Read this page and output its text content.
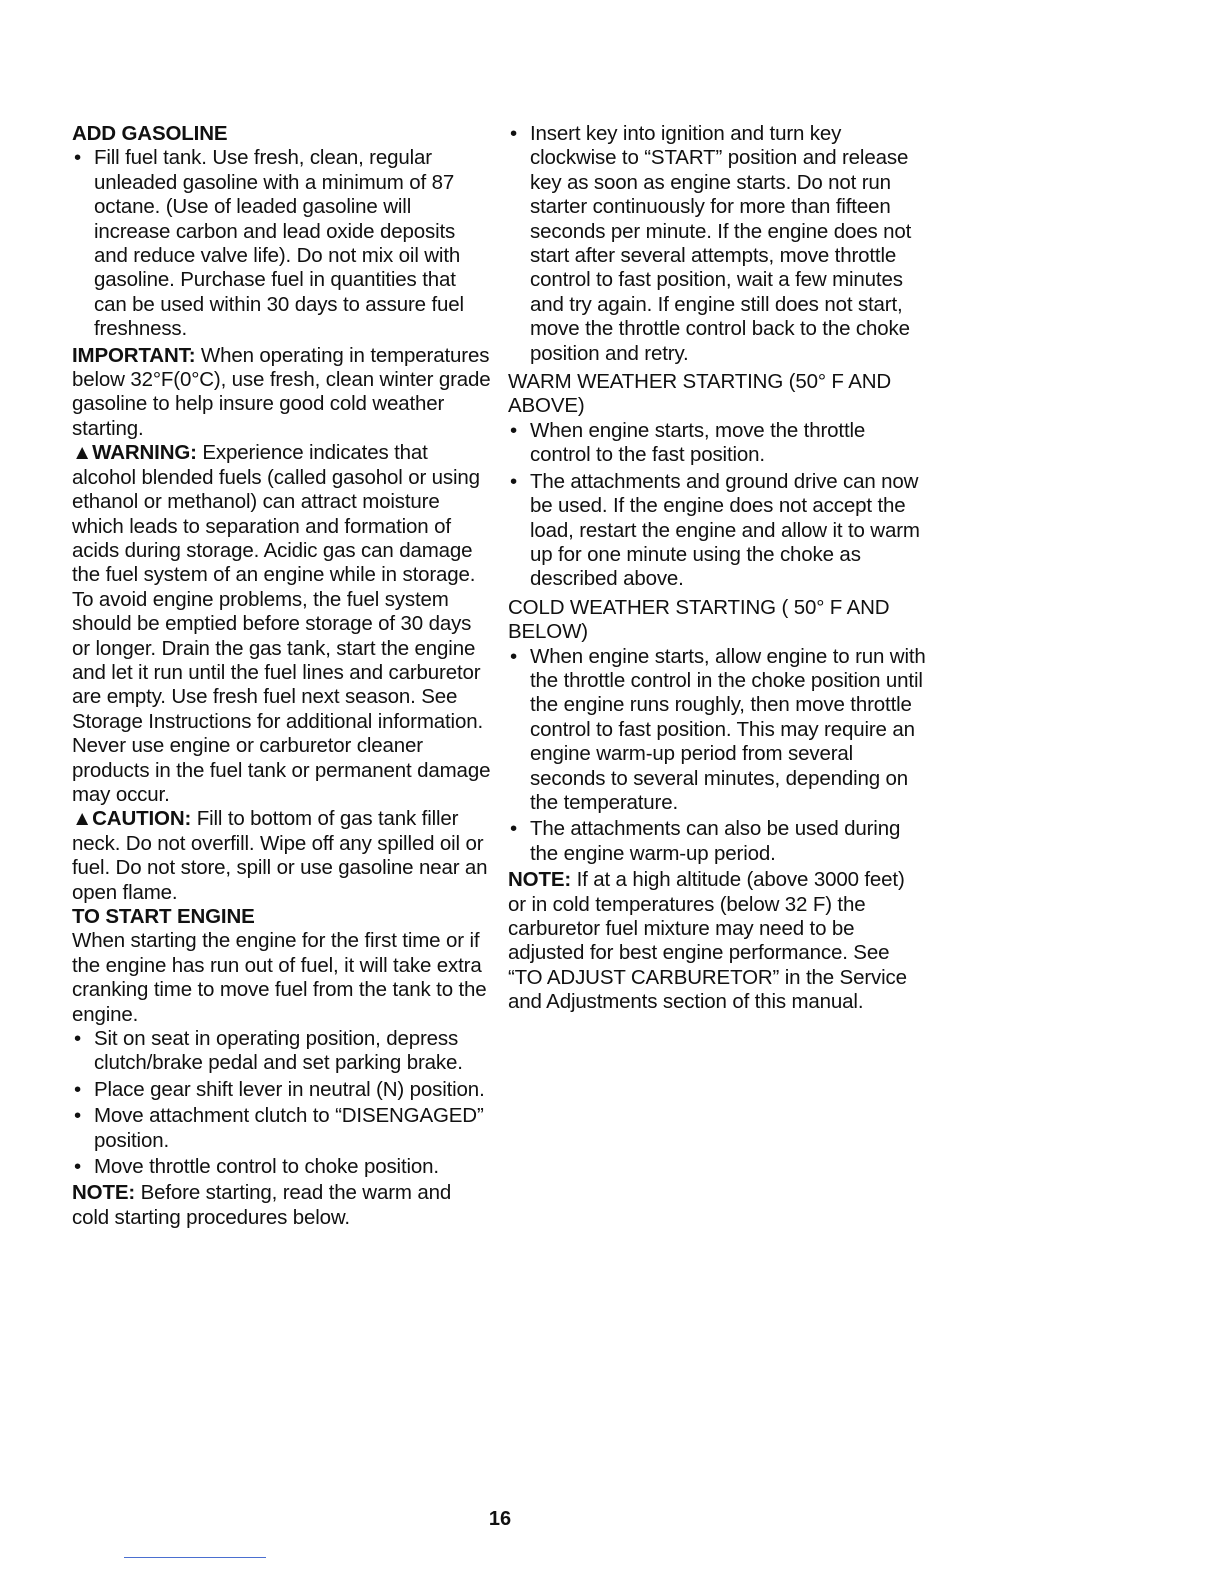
ADD GASOLINE
• Fill fuel tank. Use fresh, clean, regular unleaded gasoline with a minimum of 87 octane. (Use of leaded gasoline will increase carbon and lead oxide deposits and reduce valve life). Do not mix oil with gasoline. Purchase fuel in quantities that can be used within 30 days to assure fuel freshness.

IMPORTANT: When operating in temperatures below 32°F(0°C), use fresh, clean winter grade gasoline to help insure good cold weather starting.

▲WARNING: Experience indicates that alcohol blended fuels (called gasohol or using ethanol or methanol) can attract moisture which leads to separation and formation of acids during storage. Acidic gas can damage the fuel system of an engine while in storage. To avoid engine problems, the fuel system should be emptied before storage of 30 days or longer. Drain the gas tank, start the engine and let it run until the fuel lines and carburetor are empty. Use fresh fuel next season. See Storage Instructions for additional information. Never use engine or carburetor cleaner products in the fuel tank or permanent damage may occur.

▲CAUTION: Fill to bottom of gas tank filler neck. Do not overfill. Wipe off any spilled oil or fuel. Do not store, spill or use gasoline near an open flame.

TO START ENGINE

When starting the engine for the first time or if the engine has run out of fuel, it will take extra cranking time to move fuel from the tank to the engine.

• Sit on seat in operating position, depress clutch/brake pedal and set parking brake.
• Place gear shift lever in neutral (N) position.
• Move attachment clutch to “DISENGAGED” position.
• Move throttle control to choke position.

NOTE: Before starting, read the warm and cold starting procedures below.

• Insert key into ignition and turn key clockwise to “START” position and release key as soon as engine starts. Do not run starter continuously for more than fifteen seconds per minute. If the engine does not start after several attempts, move throttle control to fast position, wait a few minutes and try again. If engine still does not start, move the throttle control back to the choke position and retry.

WARM WEATHER STARTING (50° F AND ABOVE)

• When engine starts, move the throttle control to the fast position.
• The attachments and ground drive can now be used. If the engine does not accept the load, restart the engine and allow it to warm up for one minute using the choke as described above.

COLD WEATHER STARTING ( 50° F AND BELOW)

• When engine starts, allow engine to run with the throttle control in the choke position until the engine runs roughly, then move throttle control to fast position. This may require an engine warm-up period from several seconds to several minutes, depending on the temperature.
• The attachments can also be used during the engine warm-up period.

NOTE: If at a high altitude (above 3000 feet) or in cold temperatures (below 32 F) the carburetor fuel mixture may need to be adjusted for best engine performance. See “TO ADJUST CARBURETOR” in the Service and Adjustments section of this manual.

16
